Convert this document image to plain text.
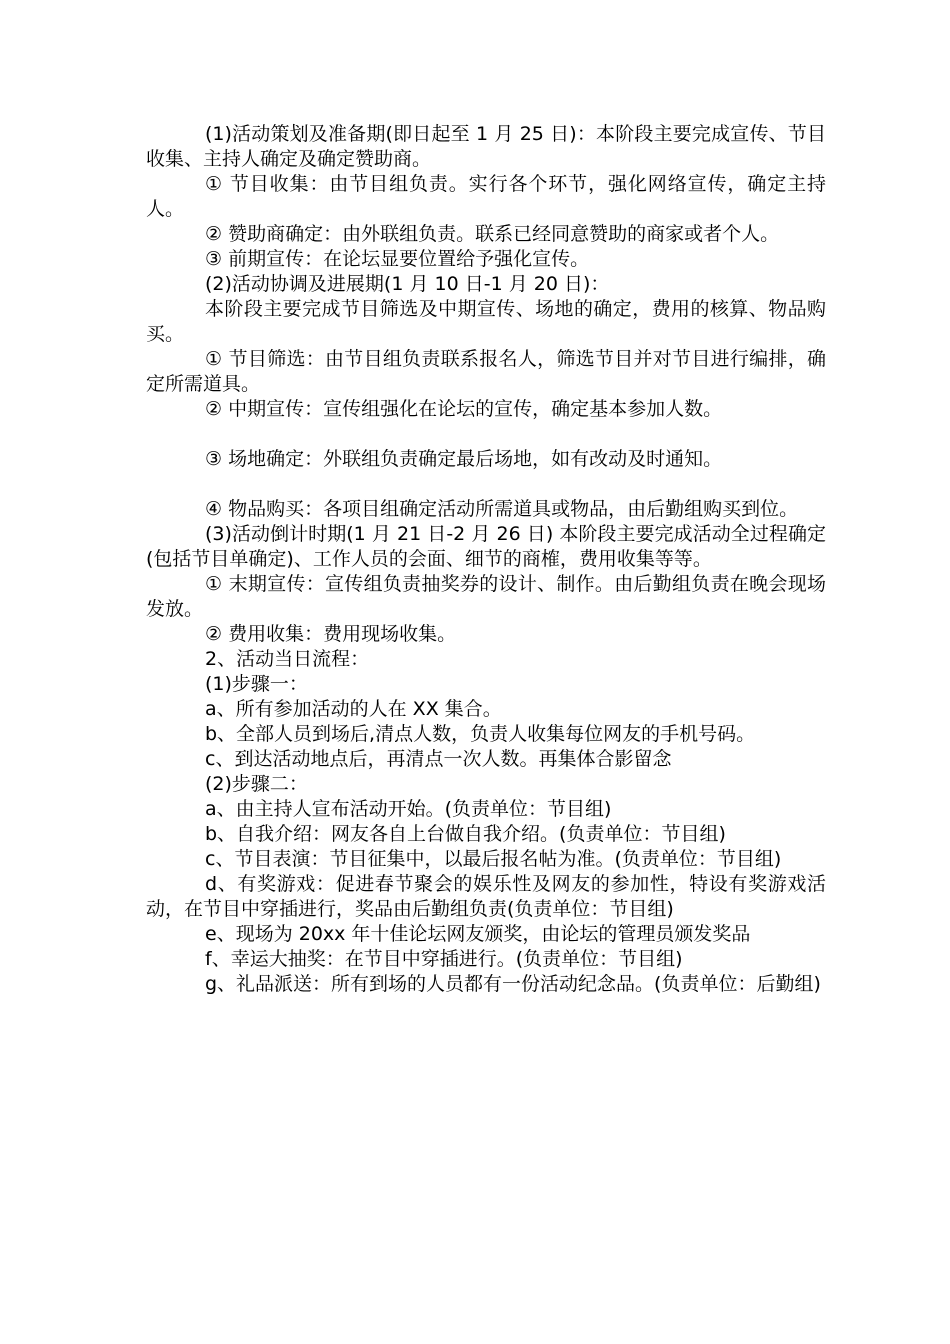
(1)活动策划及准备期(即日起至 1 月 25 日)：本阶段主要完成宣传、节目收集、主持人确定及确定赞助商。

① 节目收集：由节目组负责。实行各个环节，强化网络宣传，确定主持人。

② 赞助商确定：由外联组负责。联系已经同意赞助的商家或者个人。

③ 前期宣传：在论坛显要位置给予强化宣传。

(2)活动协调及进展期(1 月 10 日-1 月 20 日)：

本阶段主要完成节目筛选及中期宣传、场地的确定，费用的核算、物品购买。

① 节目筛选：由节目组负责联系报名人，筛选节目并对节目进行编排，确定所需道具。

② 中期宣传：宣传组强化在论坛的宣传，确定基本参加人数。

③ 场地确定：外联组负责确定最后场地，如有改动及时通知。

④ 物品购买：各项目组确定活动所需道具或物品，由后勤组购买到位。

(3)活动倒计时期(1 月 21 日-2 月 26 日) 本阶段主要完成活动全过程确定(包括节目单确定)、工作人员的会面、细节的商榷，费用收集等等。

① 末期宣传：宣传组负责抽奖券的设计、制作。由后勤组负责在晚会现场发放。

② 费用收集：费用现场收集。

2、活动当日流程：

(1)步骤一：

a、所有参加活动的人在 XX 集合。

b、全部人员到场后,清点人数，负责人收集每位网友的手机号码。

c、到达活动地点后，再清点一次人数。再集体合影留念

(2)步骤二：

a、由主持人宣布活动开始。(负责单位：节目组)

b、自我介绍：网友各自上台做自我介绍。(负责单位：节目组)

c、节目表演：节目征集中，以最后报名帖为准。(负责单位：节目组)

d、有奖游戏：促进春节聚会的娱乐性及网友的参加性，特设有奖游戏活动，在节目中穿插进行，奖品由后勤组负责(负责单位：节目组)

e、现场为 20xx 年十佳论坛网友颁奖，由论坛的管理员颁发奖品

f、幸运大抽奖：在节目中穿插进行。(负责单位：节目组)

g、礼品派送：所有到场的人员都有一份活动纪念品。(负责单位：后勤组)
